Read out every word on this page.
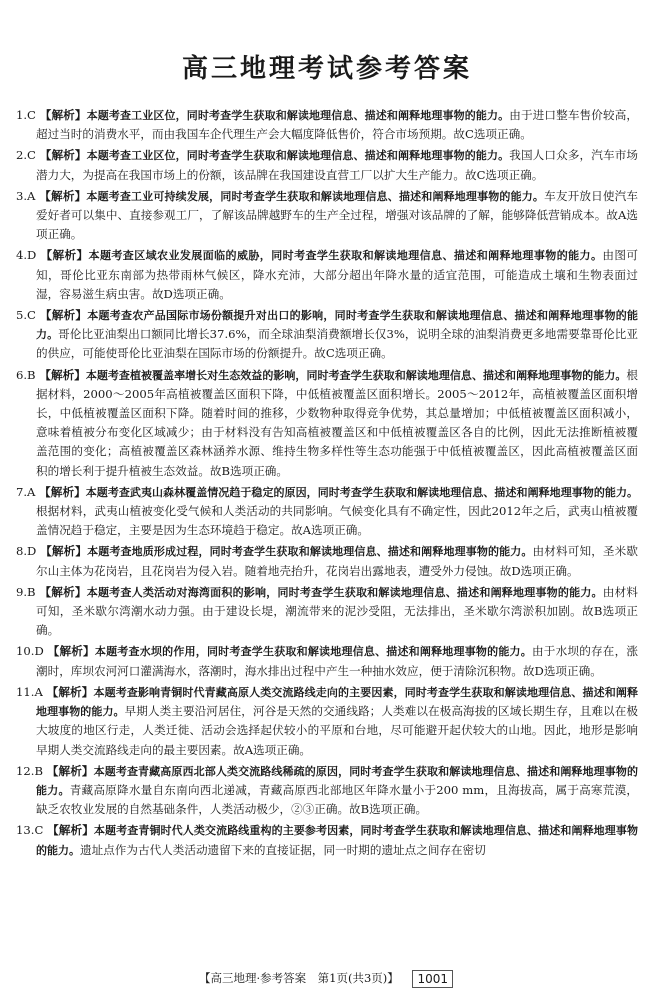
高三地理考试参考答案

1.C 【解析】本题考查工业区位，同时考查学生获取和解读地理信息、描述和阐释地理事物的能力。由于进口整车售价较高，超过当时的消费水平，而由我国车企代理生产会大幅度降低售价，符合市场预期。故C选项正确。

2.C 【解析】本题考查工业区位，同时考查学生获取和解读地理信息、描述和阐释地理事物的能力。我国人口众多，汽车市场潜力大，为提高在我国市场上的份额，该品牌在我国建设直营工厂以扩大生产能力。故C选项正确。

3.A 【解析】本题考查工业可持续发展，同时考查学生获取和解读地理信息、描述和阐释地理事物的能力。车友开放日使汽车爱好者可以集中、直接参观工厂，了解该品牌越野车的生产全过程，增强对该品牌的了解，能够降低营销成本。故A选项正确。

4.D 【解析】本题考查区域农业发展面临的威胁，同时考查学生获取和解读地理信息、描述和阐释地理事物的能力。由图可知，哥伦比亚东南部为热带雨林气候区，降水充沛，大部分超出年降水量的适宜范围，可能造成土壤和生物表面过湿，容易滋生病虫害。故D选项正确。

5.C 【解析】本题考查农产品国际市场份额提升对出口的影响，同时考查学生获取和解读地理信息、描述和阐释地理事物的能力。哥伦比亚油梨出口额同比增长37.6%，而全球油梨消费额增长仅3%，说明全球的油梨消费更多地需要靠哥伦比亚的供应，可能使哥伦比亚油梨在国际市场的份额提升。故C选项正确。

6.B 【解析】本题考查植被覆盖率增长对生态效益的影响，同时考查学生获取和解读地理信息、描述和阐释地理事物的能力。根据材料，2000～2005年高植被覆盖区面积下降，中低植被覆盖区面积增长。2005～2012年，高植被覆盖区面积增长，中低植被覆盖区面积下降。随着时间的推移，少数物种取得竞争优势，其总量增加；中低植被覆盖区面积减小，意味着植被分布变化区域减少；由于材料没有告知高植被覆盖区和中低植被覆盖区各自的比例，因此无法推断植被覆盖范围的变化；高植被覆盖区森林涵养水源、维持生物多样性等生态功能强于中低植被覆盖区，因此高植被覆盖区面积的增长利于提升植被生态效益。故B选项正确。

7.A 【解析】本题考查武夷山森林覆盖情况趋于稳定的原因，同时考查学生获取和解读地理信息、描述和阐释地理事物的能力。根据材料，武夷山植被变化受气候和人类活动的共同影响。气候变化具有不确定性，因此2012年之后，武夷山植被覆盖情况趋于稳定，主要是因为生态环境趋于稳定。故A选项正确。

8.D 【解析】本题考查地质形成过程，同时考查学生获取和解读地理信息、描述和阐释地理事物的能力。由材料可知，圣米歇尔山主体为花岗岩，且花岗岩为侵入岩。随着地壳抬升，花岗岩出露地表，遭受外力侵蚀。故D选项正确。

9.B 【解析】本题考查人类活动对海湾面积的影响，同时考查学生获取和解读地理信息、描述和阐释地理事物的能力。由材料可知，圣米歇尔湾潮水动力强。由于建设长堤，潮流带来的泥沙受阻，无法排出，圣米歇尔湾淤积加剧。故B选项正确。

10.D 【解析】本题考查水坝的作用，同时考查学生获取和解读地理信息、描述和阐释地理事物的能力。由于水坝的存在，涨潮时，库坝农河河口灌满海水，落潮时，海水排出过程中产生一种抽水效应，便于清除沉积物。故D选项正确。

11.A 【解析】本题考查影响青铜时代青藏高原人类交流路线走向的主要因素，同时考查学生获取和解读地理信息、描述和阐释地理事物的能力。早期人类主要沿河居住，河谷是天然的交通线路；人类难以在极高海拔的区域长期生存，且难以在极大坡度的地区行走，人类迁徙、活动会选择起伏较小的平原和台地，尽可能避开起伏较大的山地。因此，地形是影响早期人类交流路线走向的最主要因素。故A选项正确。

12.B 【解析】本题考查青藏高原西北部人类交流路线稀疏的原因，同时考查学生获取和解读地理信息、描述和阐释地理事物的能力。青藏高原降水量自东南向西北递减，青藏高原西北部地区年降水量小于200 mm，且海拔高，属于高寒荒漠，缺乏农牧业发展的自然基础条件，人类活动极少，②③正确。故B选项正确。

13.C 【解析】本题考查青铜时代人类交流路线重构的主要参考因素，同时考查学生获取和解读地理信息、描述和阐释地理事物的能力。遗址点作为古代人类活动遗留下来的直接证据，同一时期的遗址点之间存在密切

【高三地理·参考答案　第1页(共3页)】 1001
